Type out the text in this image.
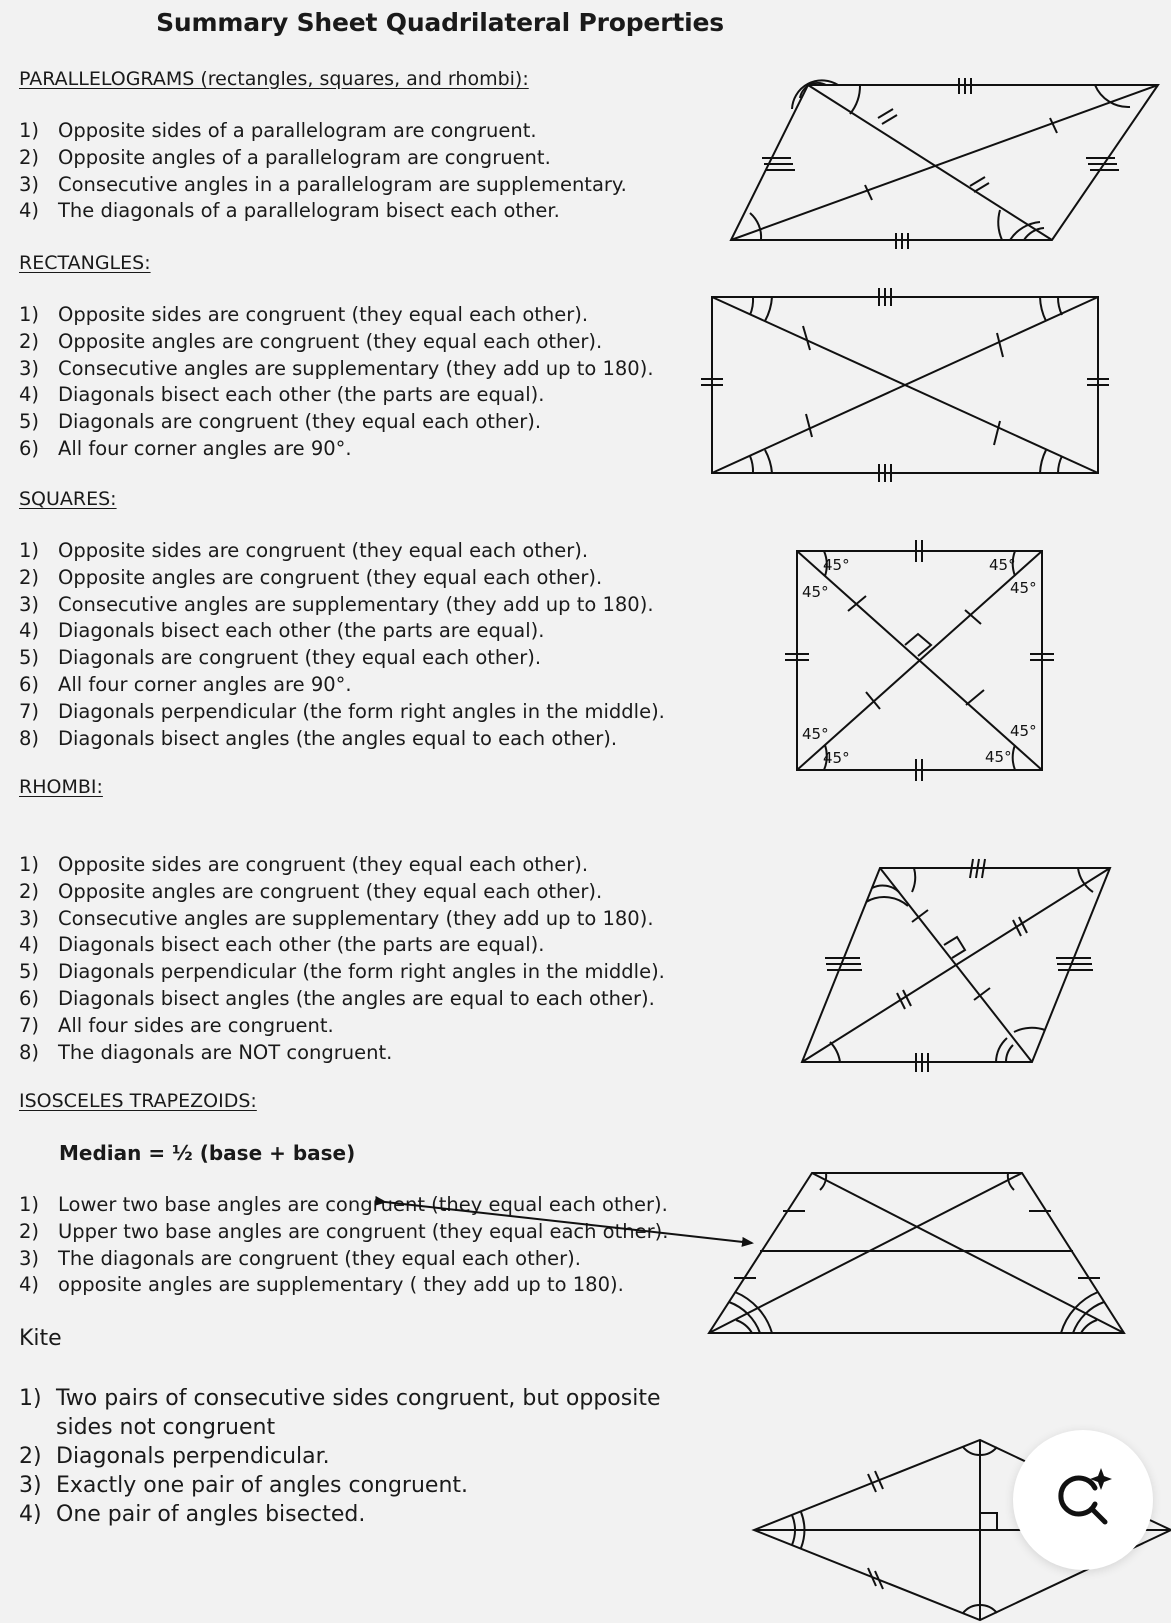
Summary Sheet Quadrilateral Properties
PARALLELOGRAMS (rectangles, squares, and rhombi):
1) Opposite sides of a parallelogram are congruent.
2) Opposite angles of a parallelogram are congruent.
3) Consecutive angles in a parallelogram are supplementary.
4) The diagonals of a parallelogram bisect each other.
RECTANGLES:
1) Opposite sides are congruent (they equal each other).
2) Opposite angles are congruent (they equal each other).
3) Consecutive angles are supplementary (they add up to 180).
4) Diagonals bisect each other (the parts are equal).
5) Diagonals are congruent (they equal each other).
6) All four corner angles are 90°.
SQUARES:
1) Opposite sides are congruent (they equal each other).
2) Opposite angles are congruent (they equal each other).
3) Consecutive angles are supplementary (they add up to 180).
4) Diagonals bisect each other (the parts are equal).
5) Diagonals are congruent (they equal each other).
6) All four corner angles are 90°.
7) Diagonals perpendicular (the form right angles in the middle).
8) Diagonals bisect angles (the angles equal to each other).
RHOMBI:
1) Opposite sides are congruent (they equal each other).
2) Opposite angles are congruent (they equal each other).
3) Consecutive angles are supplementary (they add up to 180).
4) Diagonals bisect each other (the parts are equal).
5) Diagonals perpendicular (the form right angles in the middle).
6) Diagonals bisect angles (the angles are equal to each other).
7) All four sides are congruent.
8) The diagonals are NOT congruent.
ISOSCELES TRAPEZOIDS:
Median = ½ (base + base)
1) Lower two base angles are congruent (they equal each other).
2) Upper two base angles are congruent (they equal each other).
3) The diagonals are congruent (they equal each other).
4) opposite angles are supplementary ( they add up to 180).
Kite
1) Two pairs of consecutive sides congruent, but opposite sides not congruent
2) Diagonals perpendicular.
3) Exactly one pair of angles congruent.
4) One pair of angles bisected.
45°
45°
45°
45°
45°
45°
45°
45°
